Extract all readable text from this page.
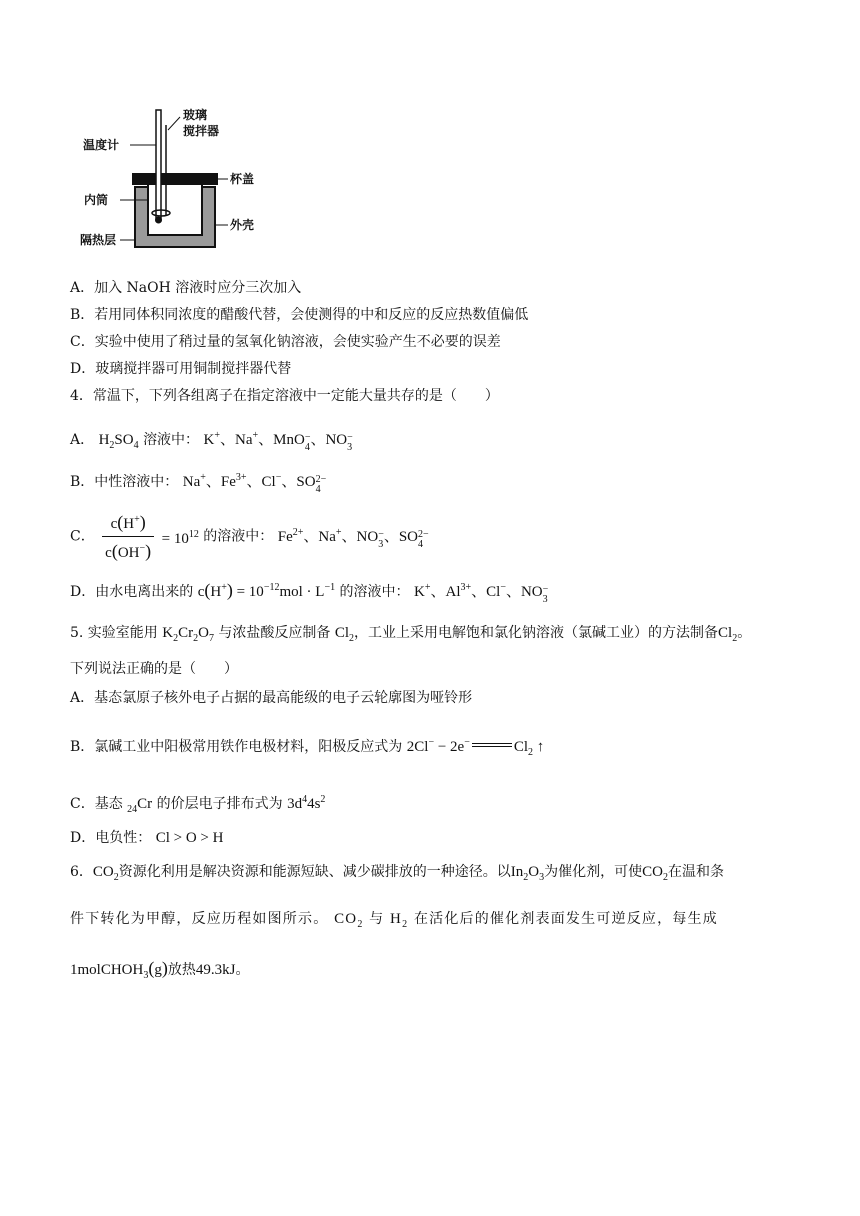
温度计
玻璃
搅拌器
杯盖
内筒
外壳
隔热层
A．加入 NaOH 溶液时应分三次加入
B．若用同体积同浓度的醋酸代替，会使测得的中和反应的反应热数值偏低
C．实验中使用了稍过量的氢氧化钠溶液，会使实验产生不必要的误差
D．玻璃搅拌器可用铜制搅拌器代替
4．常温下，下列各组离子在指定溶液中一定能大量共存的是（　　）
A． $H_2SO_4$ 溶液中： K+、Na+、MnO−
4、NO−
3
B．中性溶液中： Na+、$Fe^{3+}$、Cl−、SO2−
4
C． $\frac{c(H^+)}{c(OH^-)} = 10^{12}$ 的溶液中： $Fe^{2+}$、Na+、NO−
3、SO2−
4
D．由水电离出来的 $c(H^+) = 10^{-12}mol \cdot L^{-1}$ 的溶液中： K+、$Al^{3+}$、Cl−、NO−
3
5. 实验室能用 $K_2Cr_2O_7$ 与浓盐酸反应制备 $Cl_2$，工业上采用电解饱和氯化钠溶液（氯碱工业）的方法制备$Cl_2$。
下列说法正确的是（　　）
A．基态氯原子核外电子占据的最高能级的电子云轮廓图为哑铃形
B．氯碱工业中阳极常用铁作电极材料，阳极反应式为 2Cl− − 2e−	$Cl_2$ ↑
C．基态 $_{24}$Cr 的价层电子排布式为 $3d^44s^2$
D．电负性： Cl > O > H
6．$CO_2$资源化利用是解决资源和能源短缺、减少碳排放的一种途径。以$In_2O_3$为催化剂，可使$CO_2$在温和条
件下转化为甲醇，反应历程如图所示。 $CO_2$ 与 $H_2$ 在活化后的催化剂表面发生可逆反应，每生成
1molCHOH$_3$(g)放热49.3kJ。
